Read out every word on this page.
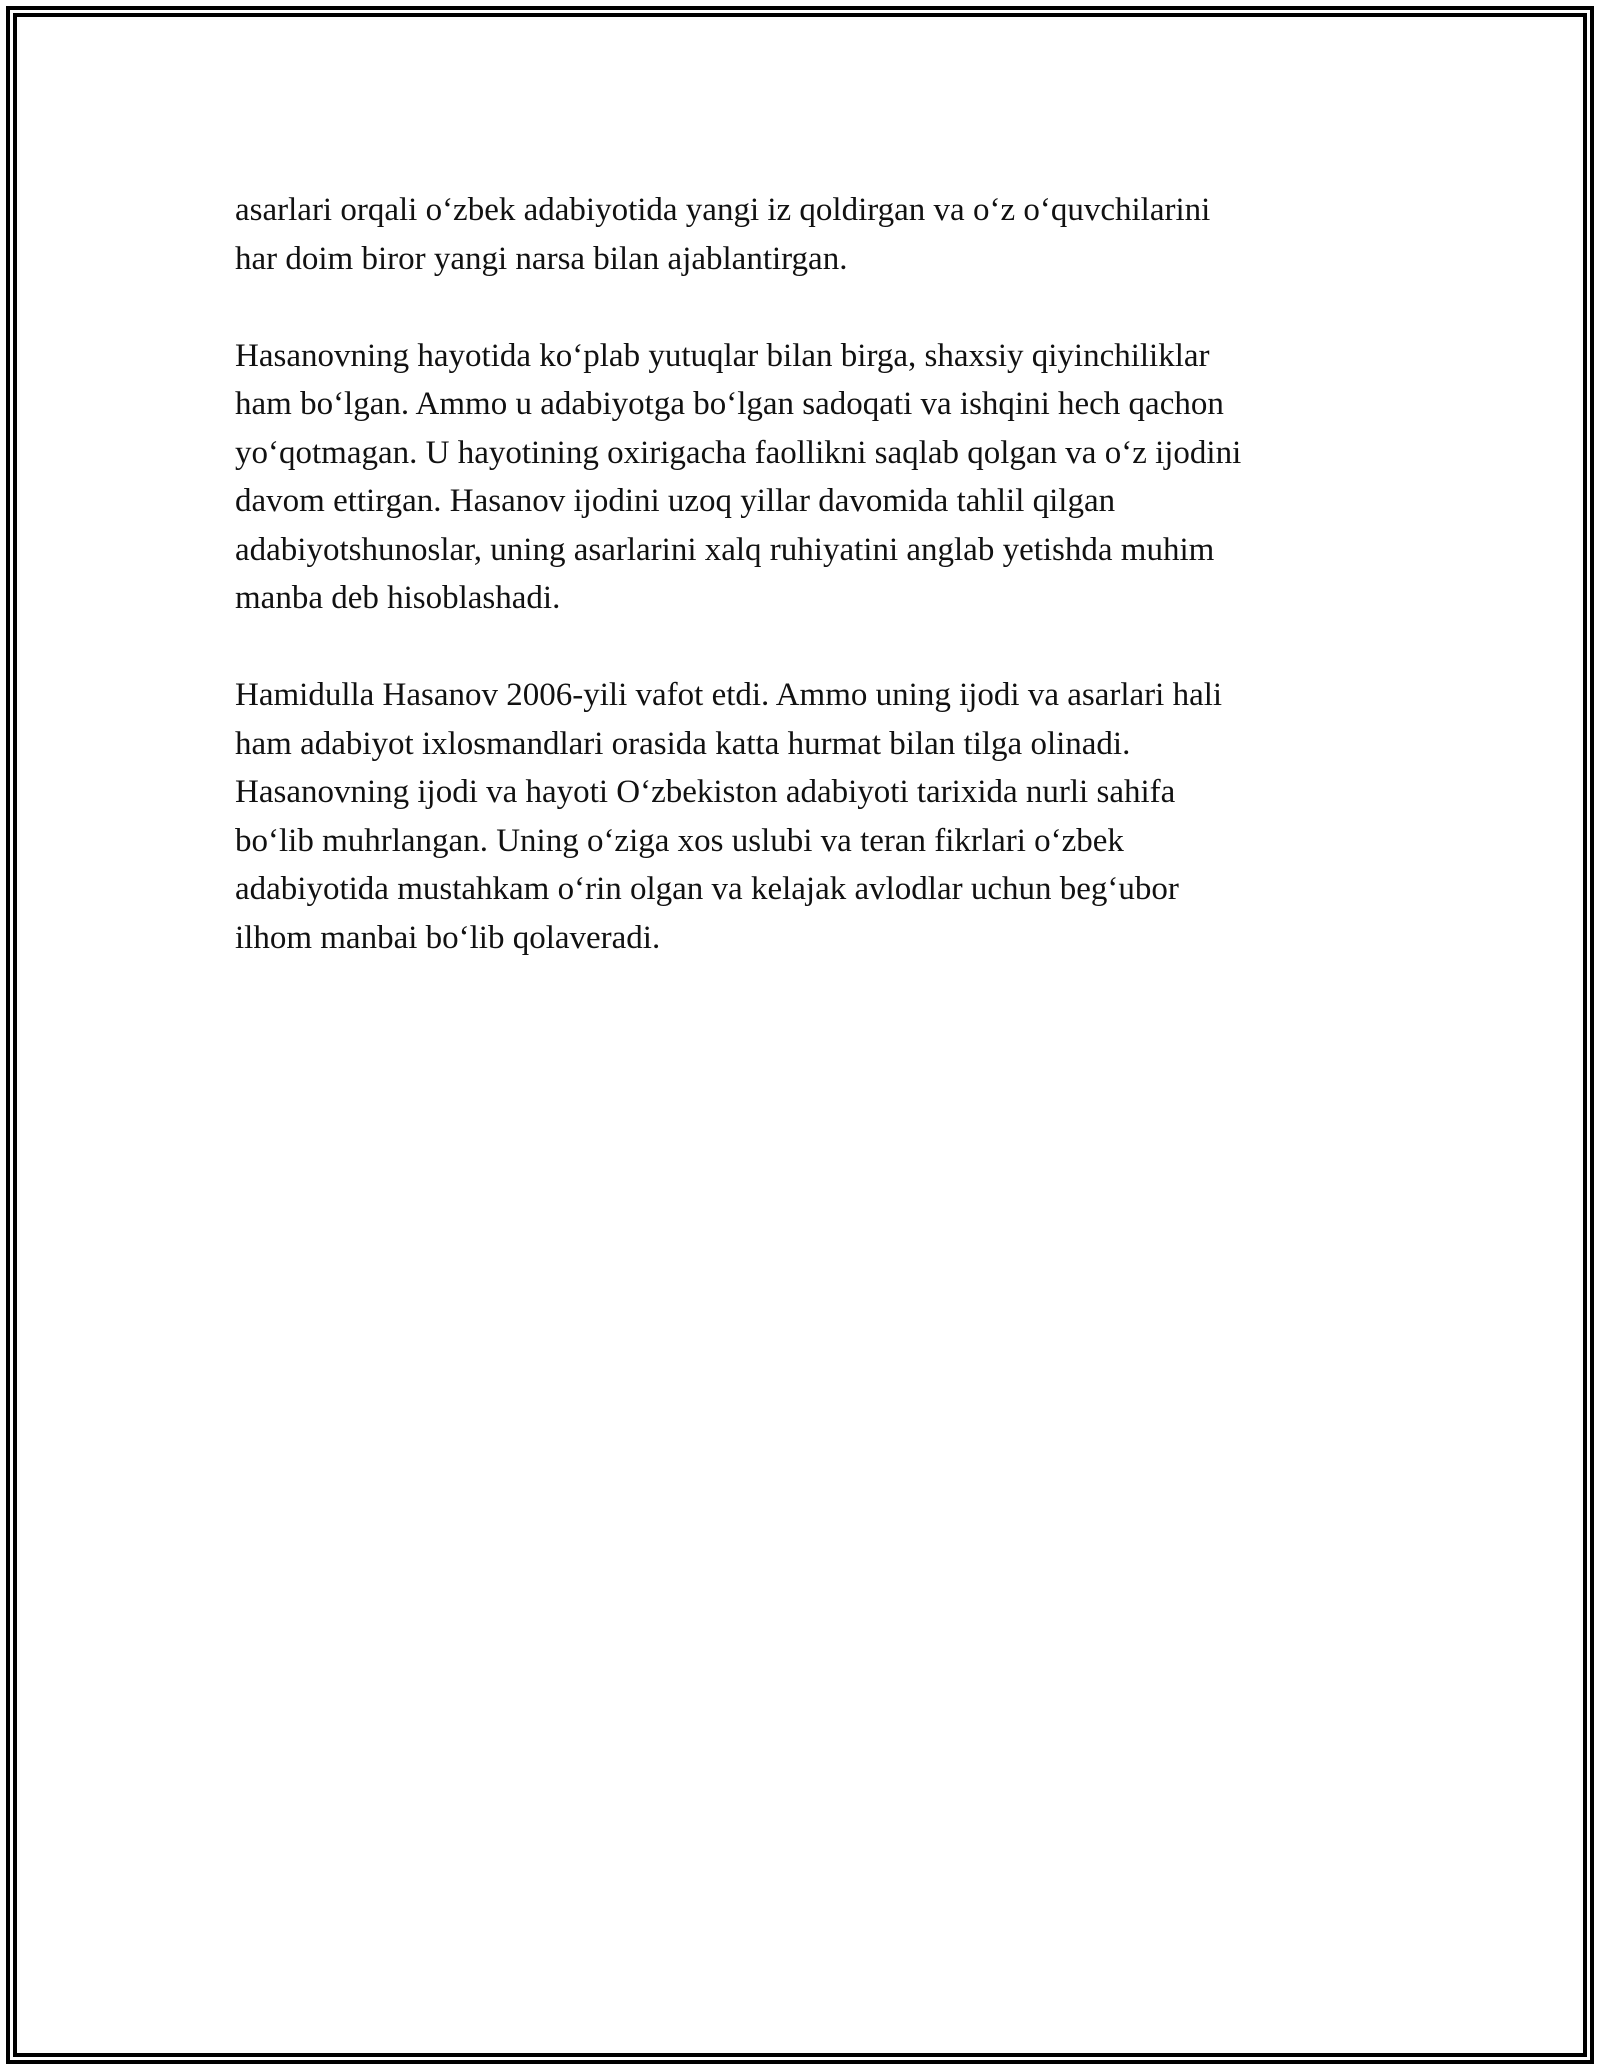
asarlari orqali o‘zbek adabiyotida yangi iz qoldirgan va o‘z o‘quvchilarini
har doim biror yangi narsa bilan ajablantirgan.

Hasanovning hayotida ko‘plab yutuqlar bilan birga, shaxsiy qiyinchiliklar
ham bo‘lgan. Ammo u adabiyotga bo‘lgan sadoqati va ishqini hech qachon
yo‘qotmagan. U hayotining oxirigacha faollikni saqlab qolgan va o‘z ijodini
davom ettirgan. Hasanov ijodini uzoq yillar davomida tahlil qilgan
adabiyotshunoslar, uning asarlarini xalq ruhiyatini anglab yetishda muhim
manba deb hisoblashadi.

Hamidulla Hasanov 2006-yili vafot etdi. Ammo uning ijodi va asarlari hali
ham adabiyot ixlosmandlari orasida katta hurmat bilan tilga olinadi.
Hasanovning ijodi va hayoti O‘zbekiston adabiyoti tarixida nurli sahifa
bo‘lib muhrlangan. Uning o‘ziga xos uslubi va teran fikrlari o‘zbek
adabiyotida mustahkam o‘rin olgan va kelajak avlodlar uchun beg‘ubor
ilhom manbai bo‘lib qolaveradi.
